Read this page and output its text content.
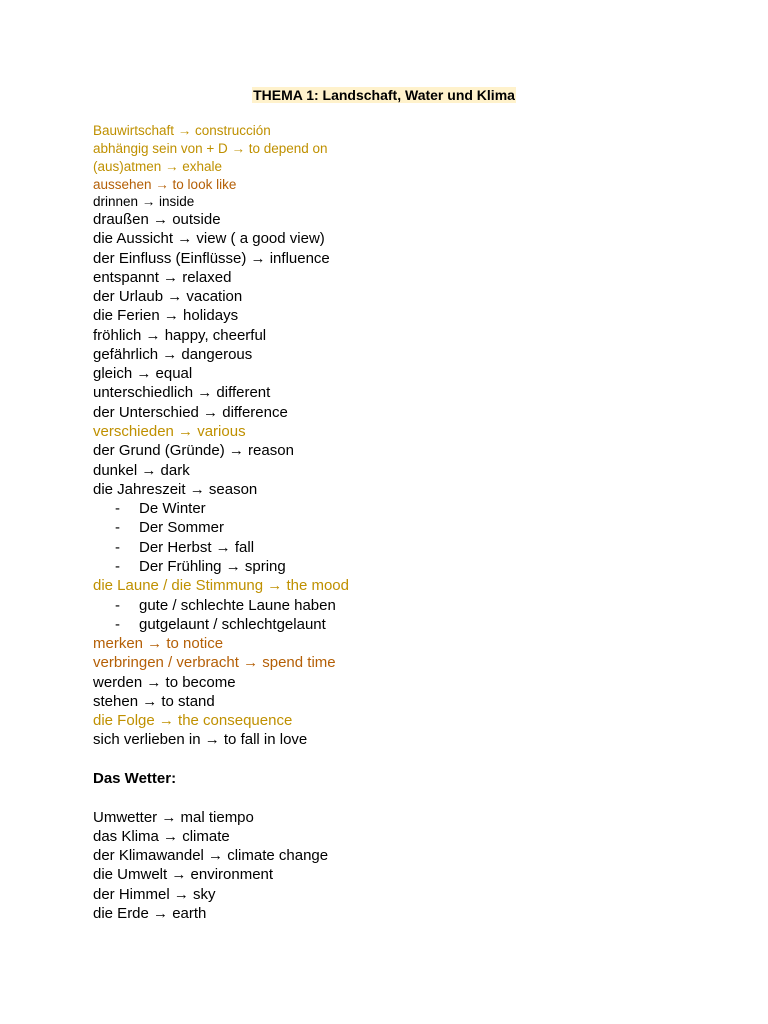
THEMA 1: Landschaft, Water und Klima
Bauwirtschaft → construcción
abhängig sein von + D → to depend on
(aus)atmen → exhale
aussehen → to look like
drinnen → inside
draußen → outside
die Aussicht → view ( a good view)
der Einfluss (Einflüsse) → influence
entspannt → relaxed
der Urlaub → vacation
die Ferien → holidays
fröhlich → happy, cheerful
gefährlich → dangerous
gleich → equal
unterschiedlich → different
der Unterschied → difference
verschieden → various
der Grund (Gründe) → reason
dunkel → dark
die Jahreszeit → season
- De Winter
- Der Sommer
- Der Herbst → fall
- Der Frühling → spring
die Laune / die Stimmung → the mood
- gute / schlechte Laune haben
- gutgelaunt / schlechtgelaunt
merken → to notice
verbringen / verbracht → spend time
werden → to become
stehen → to stand
die Folge → the consequence
sich verlieben in → to fall in love
Das Wetter:
Umwetter → mal tiempo
das Klima → climate
der Klimawandel → climate change
die Umwelt → environment
der Himmel → sky
die Erde → earth
